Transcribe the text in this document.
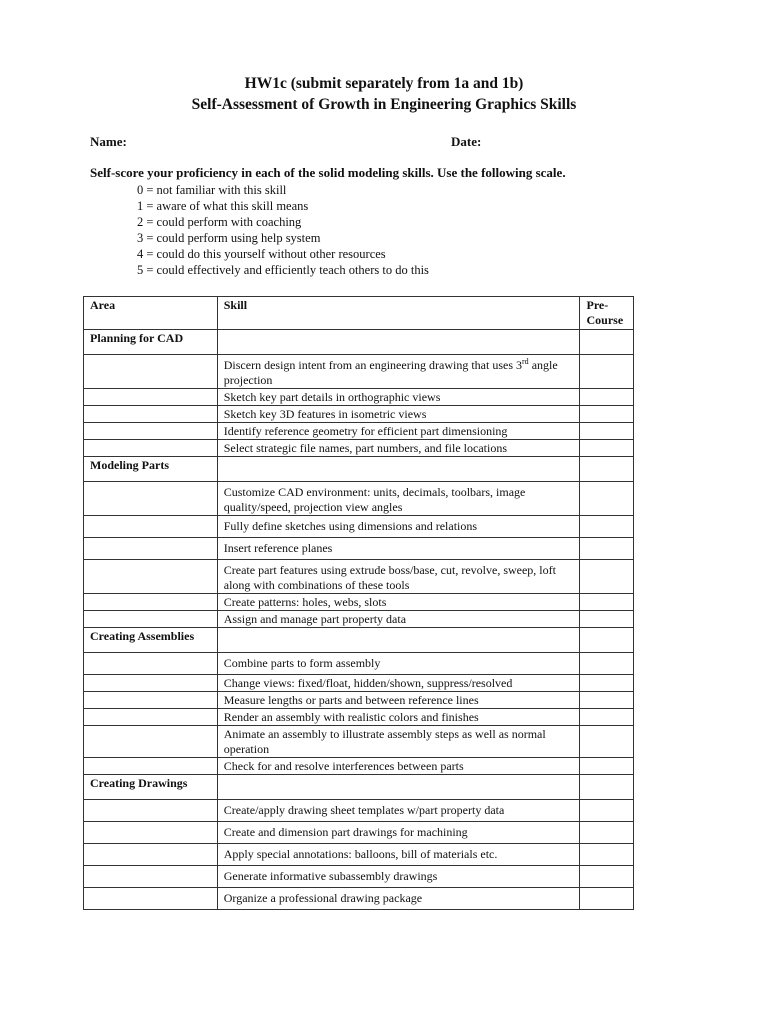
HW1c (submit separately from 1a and 1b)
Self-Assessment of Growth in Engineering Graphics Skills
Name:	Date:
Self-score your proficiency in each of the solid modeling skills. Use the following scale.
0 = not familiar with this skill
1 = aware of what this skill means
2 = could perform with coaching
3 = could perform using help system
4 = could do this yourself without other resources
5 = could effectively and efficiently teach others to do this
Area	Skill	Pre-Course
Planning for CAD		
	Discern design intent from an engineering drawing that uses 3rd angle projection	
	Sketch key part details in orthographic views	
	Sketch key 3D features in isometric views	
	Identify reference geometry for efficient part dimensioning	
	Select strategic file names, part numbers, and file locations	
Modeling Parts		
	Customize CAD environment: units, decimals, toolbars, image quality/speed, projection view angles	
	Fully define sketches using dimensions and relations	
	Insert reference planes	
	Create part features using extrude boss/base, cut, revolve, sweep, loft along with combinations of these tools	
	Create patterns: holes, webs, slots	
	Assign and manage part property data	
Creating Assemblies		
	Combine parts to form assembly	
	Change views: fixed/float, hidden/shown, suppress/resolved	
	Measure lengths or parts and between reference lines	
	Render an assembly with realistic colors and finishes	
	Animate an assembly to illustrate assembly steps as well as normal operation	
	Check for and resolve interferences between parts	
Creating Drawings		
	Create/apply drawing sheet templates w/part property data	
	Create and dimension part drawings for machining	
	Apply special annotations: balloons, bill of materials etc.	
	Generate informative subassembly drawings	
	Organize a professional drawing package	
